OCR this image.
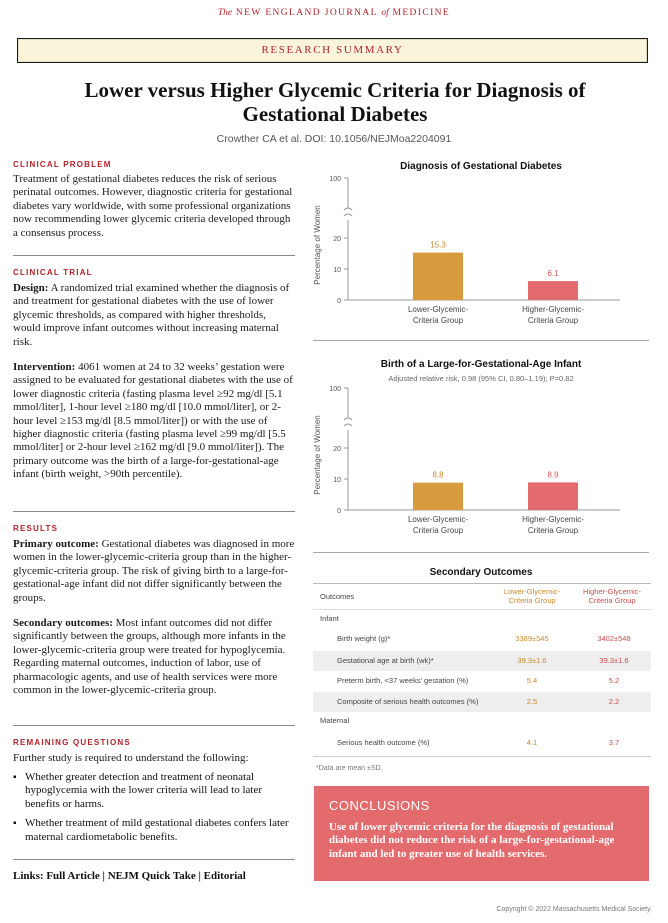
The NEW ENGLAND JOURNAL of MEDICINE
RESEARCH SUMMARY
Lower versus Higher Glycemic Criteria for Diagnosis of Gestational Diabetes
Crowther CA et al. DOI: 10.1056/NEJMoa2204091
CLINICAL PROBLEM
Treatment of gestational diabetes reduces the risk of serious perinatal outcomes. However, diagnostic criteria for gestational diabetes vary worldwide, with some professional organizations now recommending lower glycemic criteria developed through a consensus process.
CLINICAL TRIAL
Design: A randomized trial examined whether the diagnosis of and treatment for gestational diabetes with the use of lower glycemic thresholds, as compared with higher thresholds, would improve infant outcomes without increasing maternal risk.
Intervention: 4061 women at 24 to 32 weeks’ gestation were assigned to be evaluated for gestational diabetes with the use of lower diagnostic criteria (fasting plasma level ≥92 mg/dl [5.1 mmol/liter], 1-hour level ≥180 mg/dl [10.0 mmol/liter], or 2-hour level ≥153 mg/dl [8.5 mmol/liter]) or with the use of higher diagnostic criteria (fasting plasma level ≥99 mg/dl [5.5 mmol/liter] or 2-hour level ≥162 mg/dl [9.0 mmol/liter]). The primary outcome was the birth of a large-for-gestational-age infant (birth weight, >90th percentile).
RESULTS
Primary outcome: Gestational diabetes was diagnosed in more women in the lower-glycemic-criteria group than in the higher-glycemic-criteria group. The risk of giving birth to a large-for-gestational-age infant did not differ significantly between the groups.
Secondary outcomes: Most infant outcomes did not differ significantly between the groups, although more infants in the lower-glycemic-criteria group were treated for hypoglycemia. Regarding maternal outcomes, induction of labor, use of pharmacologic agents, and use of health services were more common in the lower-glycemic-criteria group.
REMAINING QUESTIONS
Further study is required to understand the following:
▪ Whether greater detection and treatment of neonatal hypoglycemia with the lower criteria will lead to later benefits or harms.
▪ Whether treatment of mild gestational diabetes confers later maternal cardiometabolic benefits.
Links: Full Article | NEJM Quick Take | Editorial
Diagnosis of Gestational Diabetes
0
10
20
100
Percentage of Women	15.3
Lower-Glycemic-
Criteria Group
6.1
Higher-Glycemic-
Criteria Group
Birth of a Large-for-Gestational-Age Infant
Adjusted relative risk, 0.98 (95% CI, 0.80–1.19); P=0.82
0
10
20
100
Percentage of Women	8.8
Lower-Glycemic-
Criteria Group
8.9
Higher-Glycemic-
Criteria Group
Secondary Outcomes
Outcomes
Lower-Glycemic-
Criteria Group
Higher-Glycemic-
Criteria Group
Infant
Birth weight (g)*	3389±545	3402±548
Gestational age at birth (wk)*	39.3±1.6	39.3±1.6
Preterm birth, <37 weeks’ gestation (%)	5.4	5.2
Composite of serious health outcomes (%)	2.5	2.2
Maternal
Serious health outcome (%)	4.1	3.7
*Data are mean ±SD.
CONCLUSIONS
Use of lower glycemic criteria for the diagnosis of gestational diabetes did not reduce the risk of a large-for-gestational-age infant and led to greater use of health services.
Copyright © 2022 Massachusetts Medical Society.
